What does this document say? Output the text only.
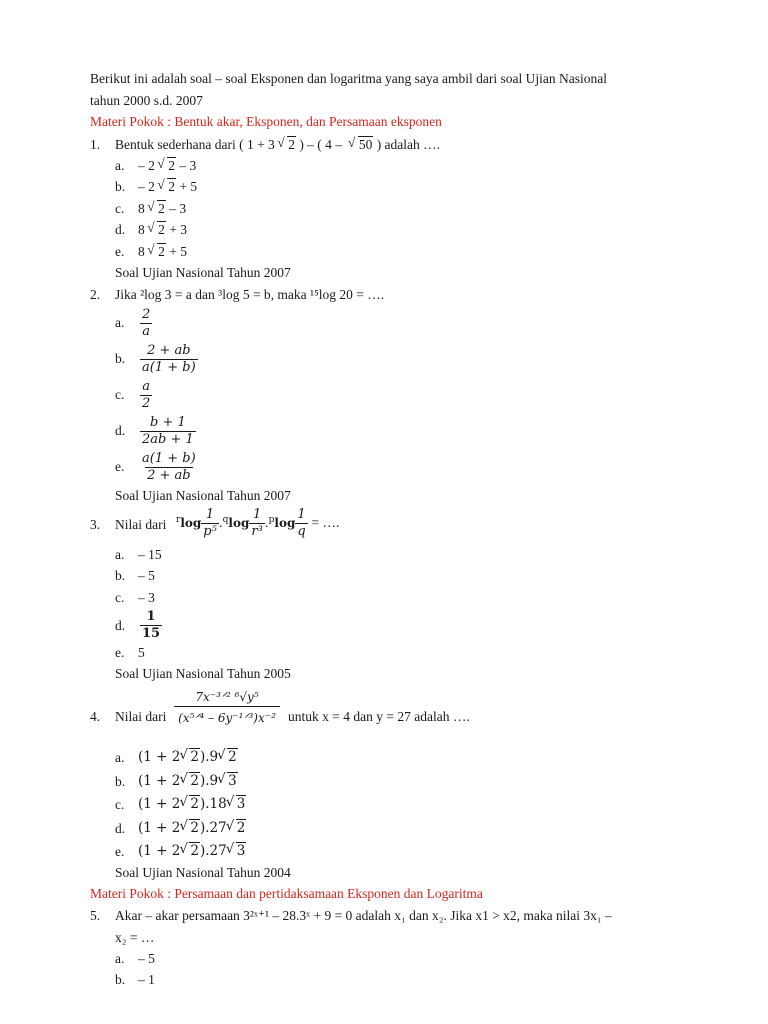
Berikut ini adalah soal – soal Eksponen dan logaritma yang saya ambil dari soal Ujian Nasional
tahun 2000 s.d. 2007
Materi Pokok : Bentuk akar, Eksponen, dan Persamaan eksponen
1. Bentuk sederhana dari ( 1 + 3 √ 2 ) – ( 4 – √ 50 ) adalah ….
a. – 2 √ 2 – 3
b. – 2 √ 2 + 5
c. 8 √ 2 – 3
d. 8 √ 2 + 3
e. 8 √ 2 + 5
Soal Ujian Nasional Tahun 2007
2. Jika ²log 3 = a dan ³log 5 = b, maka ¹⁵log 20 = ….
a. $\frac{2}{a}$
b. $\frac{2 + ab}{a(1 + b)}$
c. $\frac{a}{2}$
d. $\frac{b + 1}{2ab + 1}$
e. $\frac{a(1 + b)}{2 + ab}$
Soal Ujian Nasional Tahun 2007
3. Nilai dari $^r\log \frac{1}{\text{p⁵}} .^q\log \frac{1}{\text{r³}} .^p\log \frac{1}{q}$ = ….
a. – 15
b. – 5
c. – 3
d. $\frac{1}{15}$
e. 5
Soal Ujian Nasional Tahun 2005
4. Nilai dari
7x⁻³ᐟ² ⁶√y⁵
(x⁵ᐟ⁴ – 6y⁻¹ᐟ³)x⁻² untuk x = 4 dan y = 27 adalah ….
a. (1 + 2 √ 2).9 √ 2
b. (1 + 2 √ 2).9 √ 3
c. (1 + 2 √ 2).18 √ 3
d. (1 + 2 √ 2).27 √ 2
e. (1 + 2 √ 2).27 √ 3
Soal Ujian Nasional Tahun 2004
Materi Pokok : Persamaan dan pertidaksamaan Eksponen dan Logaritma
5. Akar – akar persamaan 3²ˣ⁺¹ – 28.3ˣ + 9 = 0 adalah x₁ dan x₂. Jika x1 > x2, maka nilai 3x₁ –
x₂ = …
a. – 5
b. – 1
